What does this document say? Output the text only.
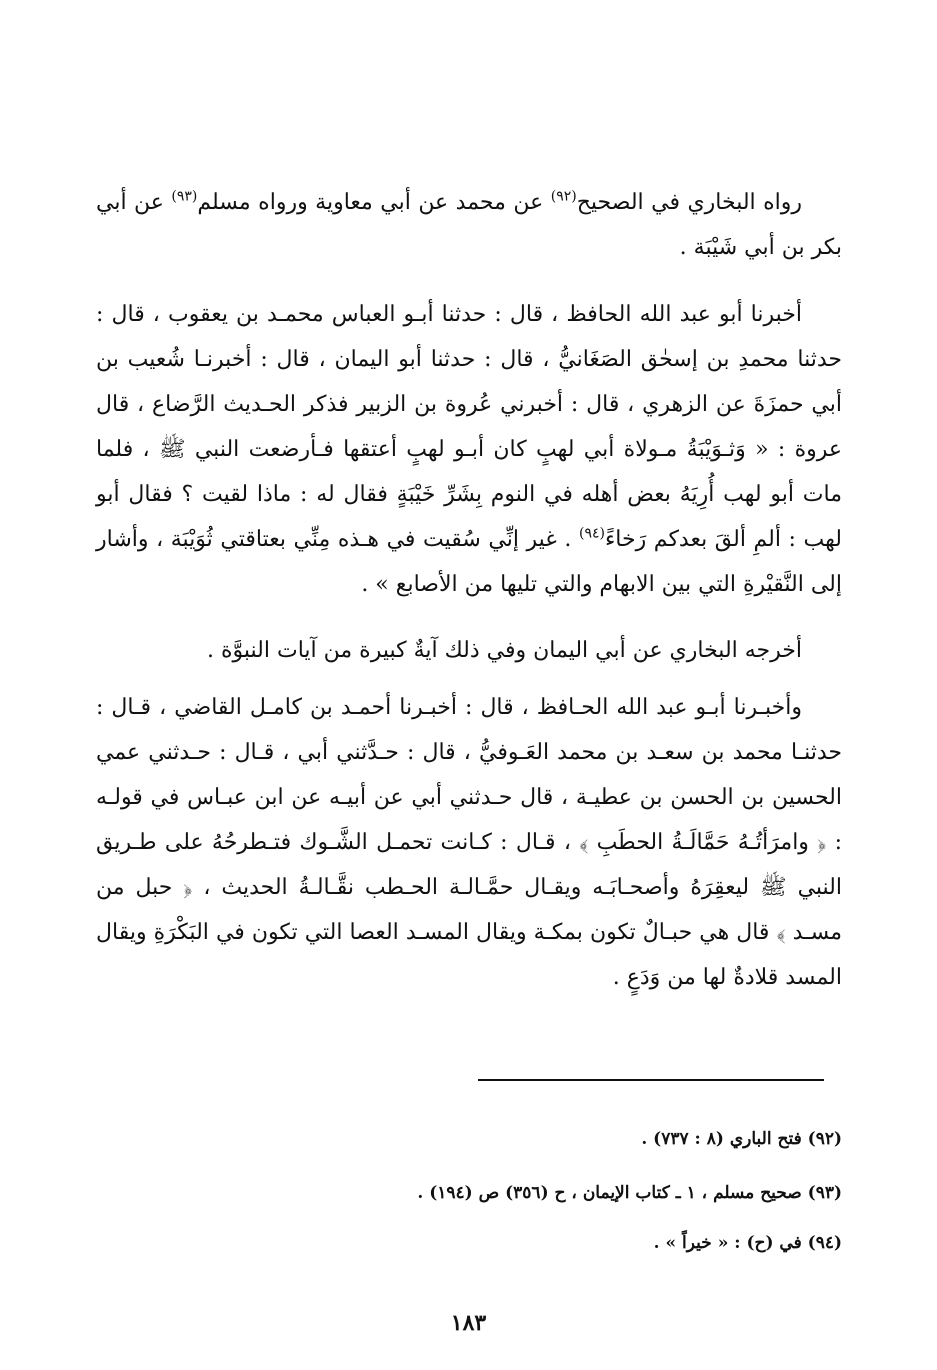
رواه البخاري في الصحيح$^{(٩٢)}$ عن محمد عن أبي معاوية ورواه مسلم$^{(٩٣)}$ عن أبي بكر بن أبي شَيْبَة .

أخبرنا أبو عبد الله الحافظ ، قال : حدثنا أبـو العباس محمـد بن يعقوب ، قال : حدثنا محمدِ بن إسحٰق الصَغَانيُّ ، قال : حدثنا أبو اليمان ، قال : أخبرنـا شُعيب بن أبي حمزَةَ عن الزهري ، قال : أخبرني عُروة بن الزبير فذكر الحـديث الرَّضاع ، قال عروة : « وَثـوَيْبَةُ مـولاة أبي لهبٍ كان أبـو لهبٍ أعتقها فـأرضعت النبي ﷺ ، فلما مات أبو لهب أُرِيَهُ بعض أهله في النوم بِشَرِّ خَيْبَةٍ فقال له : ماذا لقيت ؟ فقال أبو لهب : ألمِ ألقَ بعدكم رَخاءً$^{(٩٤)}$ . غير إنِّي سُقيت في هـذه مِنِّي بعتاقتي ثُوَيْبَة ، وأشار إلى النَّقيْرةِ التي بين الابهام والتي تليها من الأصابع » .

أخرجه البخاري عن أبي اليمان وفي ذلك آيةٌ كبيرة من آيات النبوَّة .

وأخبـرنا أبـو عبد الله الحـافظ ، قال : أخبـرنا أحمـد بن كامـل القاضي ، قـال : حدثنـا محمد بن سعـد بن محمد العَـوفيُّ ، قال : حـدَّثني أبي ، قـال : حـدثني عمي الحسين بن الحسن بن عطيـة ، قال حـدثني أبي عن أبيـه عن ابن عبـاس في قولـه : ﴿ وامرَأتُـهُ حَمَّالَـةُ الحطَبِ ﴾ ، قـال : كـانت تحمـل الشَّـوك فتـطرحُهُ على طـريق النبي ﷺ ليعقِرَهُ وأصحـابَـه ويقـال حمَّـالـة الحـطب نقَّـالـةُ الحديث ، ﴿ حبل من مسـد ﴾ قال هي حبـالٌ تكون بمكـة ويقال المسـد العصا التي تكون في البَكْرَةِ ويقال المسد قلادةٌ لها من وَدَعٍ .

(٩٢) فتح الباري (٨ : ٧٣٧) .
(٩٣) صحيح مسلم ، ١ ـ كتاب الإيمان ، ح (٣٥٦) ص (١٩٤) .
(٩٤) في (ح) : « خيراً » .
١٨٣
